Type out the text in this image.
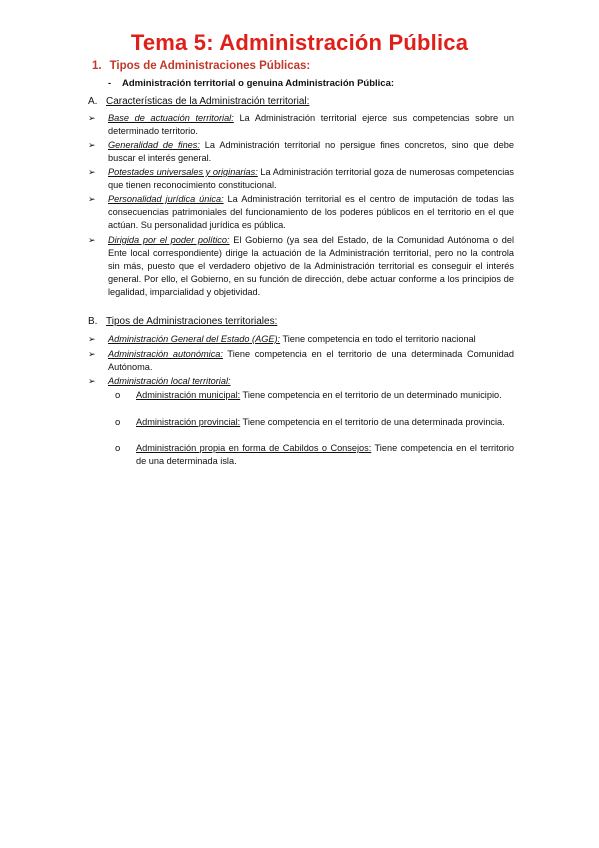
Tema 5: Administración Pública
1. Tipos de Administraciones Públicas:
- Administración territorial o genuina Administración Pública:
A. Características de la Administración territorial:
➢ Base de actuación territorial: La Administración territorial ejerce sus competencias sobre un determinado territorio.
➢ Generalidad de fines: La Administración territorial no persigue fines concretos, sino que debe buscar el interés general.
➢ Potestades universales y originarias: La Administración territorial goza de numerosas competencias que tienen reconocimiento constitucional.
➢ Personalidad jurídica única: La Administración territorial es el centro de imputación de todas las consecuencias patrimoniales del funcionamiento de los poderes públicos en el territorio en el que actúan. Su personalidad jurídica es pública.
➢ Dirigida por el poder político: El Gobierno (ya sea del Estado, de la Comunidad Autónoma o del Ente local correspondiente) dirige la actuación de la Administración territorial, pero no la controla sin más, puesto que el verdadero objetivo de la Administración territorial es conseguir el interés general. Por ello, el Gobierno, en su función de dirección, debe actuar conforme a los principios de legalidad, imparcialidad y objetividad.
B. Tipos de Administraciones territoriales:
➢ Administración General del Estado (AGE): Tiene competencia en todo el territorio nacional
➢ Administración autonómica: Tiene competencia en el territorio de una determinada Comunidad Autónoma.
➢ Administración local territorial:
o Administración municipal: Tiene competencia en el territorio de un determinado municipio.
o Administración provincial: Tiene competencia en el territorio de una determinada provincia.
o Administración propia en forma de Cabildos o Consejos: Tiene competencia en el territorio de una determinada isla.
